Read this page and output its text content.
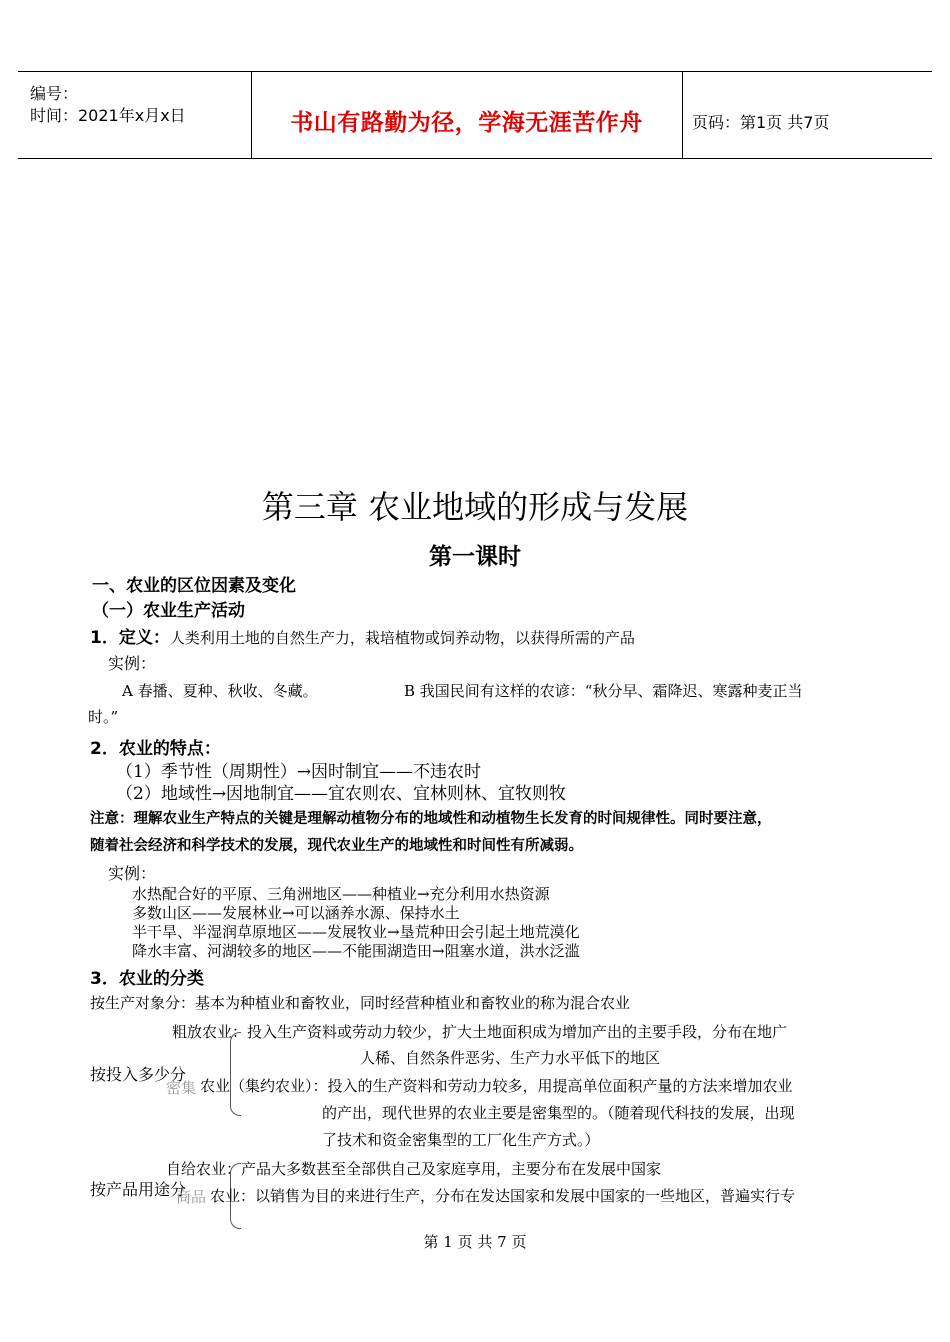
编号：
时间：2021年x月x日	书山有路勤为径，学海无涯苦作舟	页码：第1页 共7页
第三章 农业地域的形成与发展
第一课时
一、农业的区位因素及变化
（一）农业生产活动
1．定义：人类利用土地的自然生产力，栽培植物或饲养动物，以获得所需的产品
实例：
A 春播、夏种、秋收、冬藏。	B 我国民间有这样的农谚：“秋分早、霜降迟、寒露种麦正当
时。”
2．农业的特点：
（1）季节性（周期性）→因时制宜——不违农时
（2）地域性→因地制宜——宜农则农、宜林则林、宜牧则牧
注意：理解农业生产特点的关键是理解动植物分布的地域性和动植物生长发育的时间规律性。同时要注意，
随着社会经济和科学技术的发展，现代农业生产的地域性和时间性有所减弱。
实例：
水热配合好的平原、三角洲地区——种植业→充分利用水热资源
多数山区——发展林业→可以涵养水源、保持水土
半干旱、半湿润草原地区——发展牧业→垦荒种田会引起土地荒漠化
降水丰富、河湖较多的地区——不能围湖造田→阻塞水道，洪水泛滥
3．农业的分类
按生产对象分：基本为种植业和畜牧业，同时经营种植业和畜牧业的称为混合农业
粗放农业：投入生产资料或劳动力较少，扩大土地面积成为增加产出的主要手段，分布在地广
人稀、自然条件恶劣、生产力水平低下的地区
按投入多少分
密集 农业（集约农业）：投入的生产资料和劳动力较多，用提高单位面积产量的方法来增加农业
的产出，现代世界的农业主要是密集型的。（随着现代科技的发展，出现
了技术和资金密集型的工厂化生产方式。）
自给农业：产品大多数甚至全部供自己及家庭享用，主要分布在发展中国家
按产品用途分
商品 农业：以销售为目的来进行生产，分布在发达国家和发展中国家的一些地区，普遍实行专
第 1 页 共 7 页
